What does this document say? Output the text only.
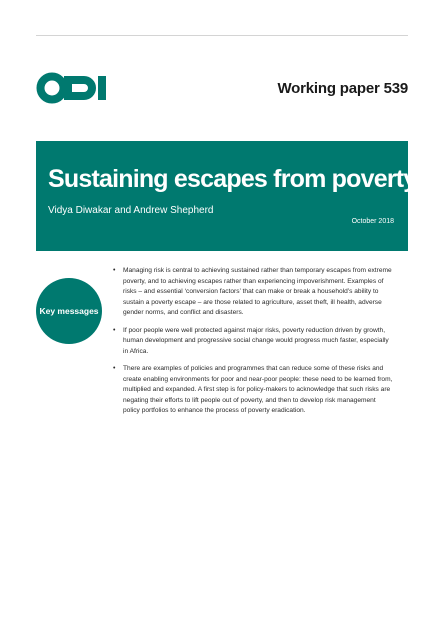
Working paper 539
Sustaining escapes from poverty
Vidya Diwakar and Andrew Shepherd
October 2018
Key messages
• Managing risk is central to achieving sustained rather than temporary escapes from extreme poverty, and to achieving escapes rather than experiencing impoverishment. Examples of risks – and essential ‘conversion factors’ that can make or break a household’s ability to sustain a poverty escape – are those related to agriculture, asset theft, ill health, adverse gender norms, and conflict and disasters.
• If poor people were well protected against major risks, poverty reduction driven by growth, human development and progressive social change would progress much faster, especially in Africa.
• There are examples of policies and programmes that can reduce some of these risks and create enabling environments for poor and near-poor people: these need to be learned from, multiplied and expanded. A first step is for policy-makers to acknowledge that such risks are negating their efforts to lift people out of poverty, and then to develop risk management policy portfolios to enhance the process of poverty eradication.
